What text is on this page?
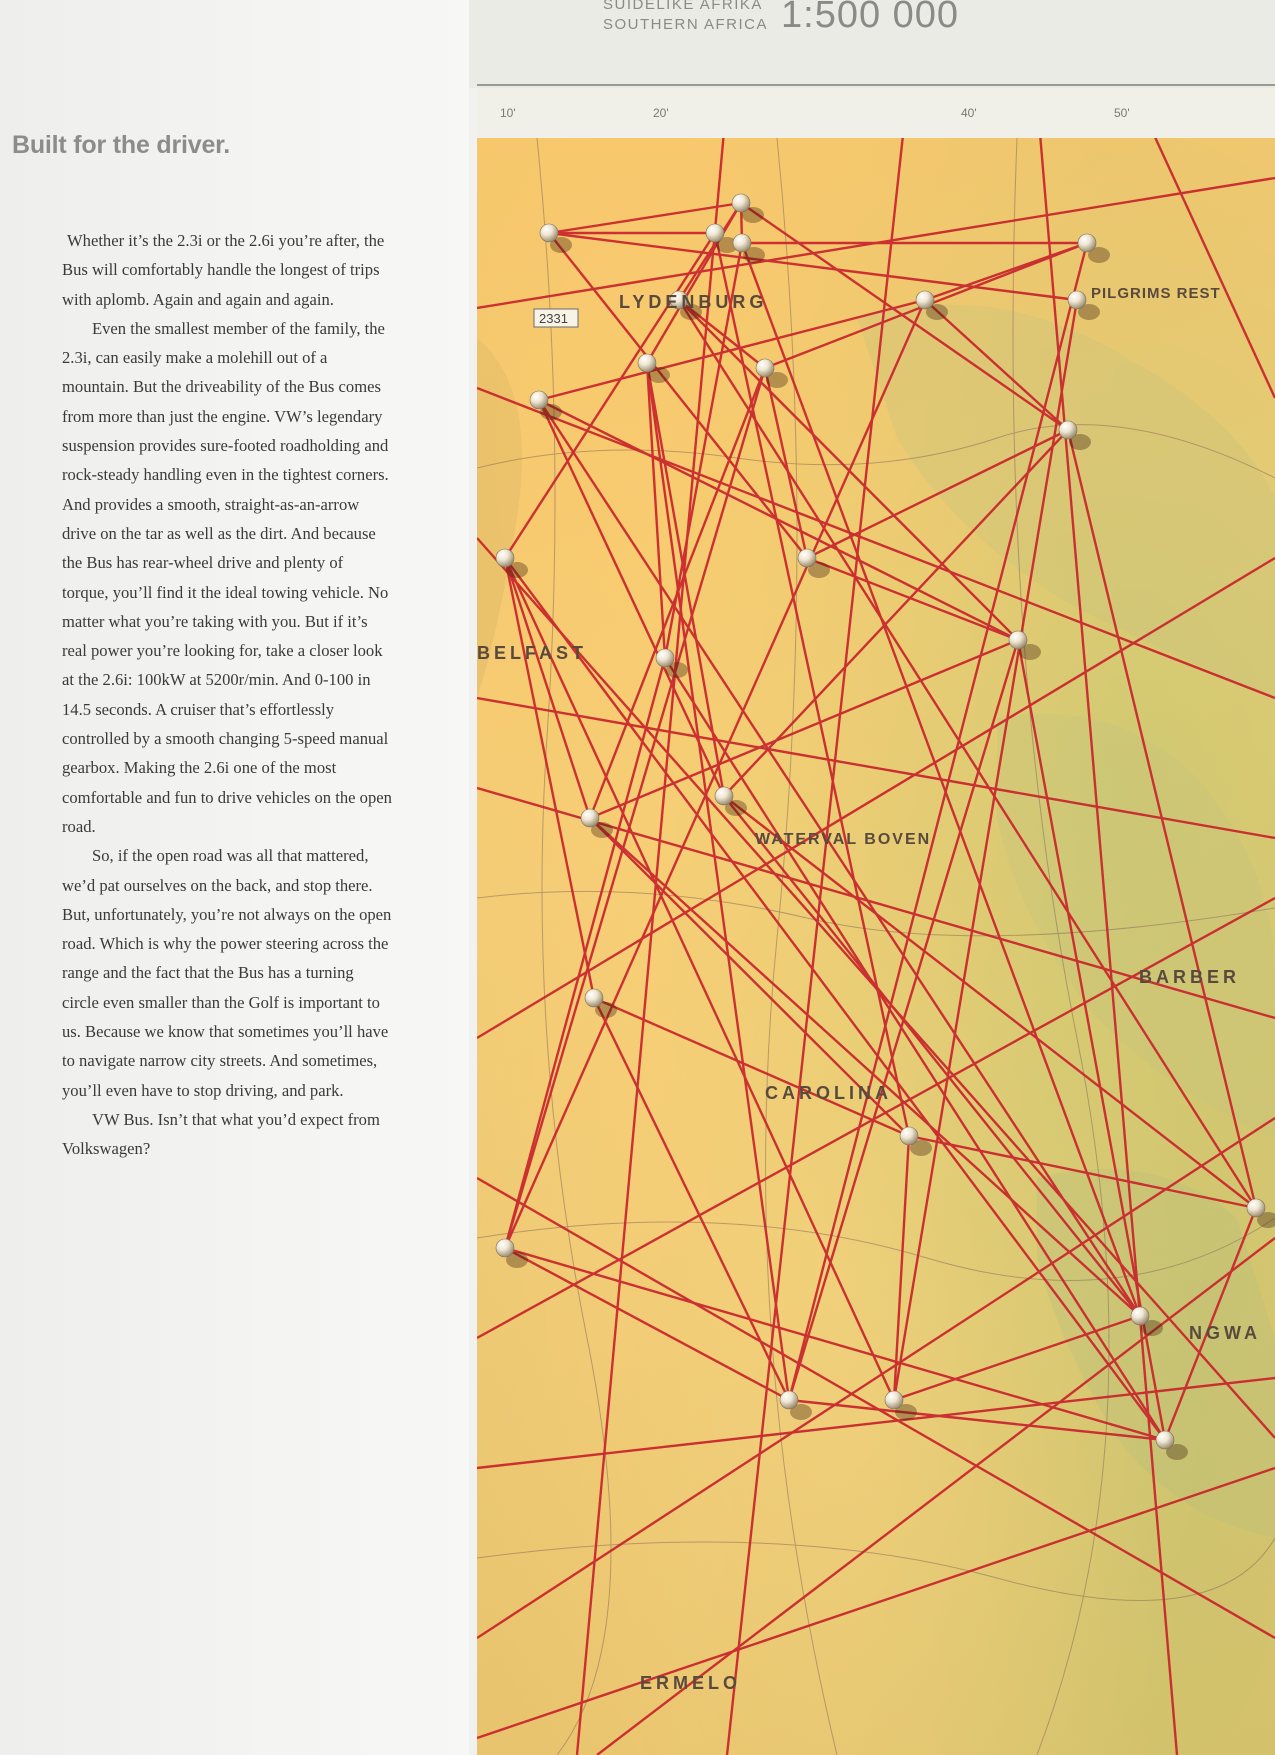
Built for the driver.

Whether it’s the 2.3i or the 2.6i you’re after, the Bus will comfortably handle the longest of trips with aplomb. Again and again and again.

Even the smallest member of the family, the 2.3i, can easily make a molehill out of a mountain. But the driveability of the Bus comes from more than just the engine. VW’s legendary suspension provides sure-footed roadholding and rock-steady handling even in the tightest corners. And provides a smooth, straight-as-an-arrow drive on the tar as well as the dirt. And because the Bus has rear-wheel drive and plenty of torque, you’ll find it the ideal towing vehicle. No matter what you’re taking with you. But if it’s real power you’re looking for, take a closer look at the 2.6i: 100kW at 5200r/min. And 0-100 in 14.5 seconds. A cruiser that’s effortlessly controlled by a smooth changing 5-speed manual gearbox. Making the 2.6i one of the most comfortable and fun to drive vehicles on the open road.

So, if the open road was all that mattered, we’d pat ourselves on the back, and stop there. But, unfortunately, you’re not always on the open road. Which is why the power steering across the range and the fact that the Bus has a turning circle even smaller than the Golf is important to us. Because we know that sometimes you’ll have to navigate narrow city streets. And sometimes, you’ll even have to stop driving, and park.

VW Bus. Isn’t that what you’d expect from Volkswagen?

SUIDELIKE AFRIKA
SOUTHERN AFRICA 1:500 000
10'	20'	40'	50'
2331
LYDENBURG
BELFAST
WATERVAL BOVEN
BARBER
CAROLINA
ERMELO
NGWA
PILGRIMS REST
